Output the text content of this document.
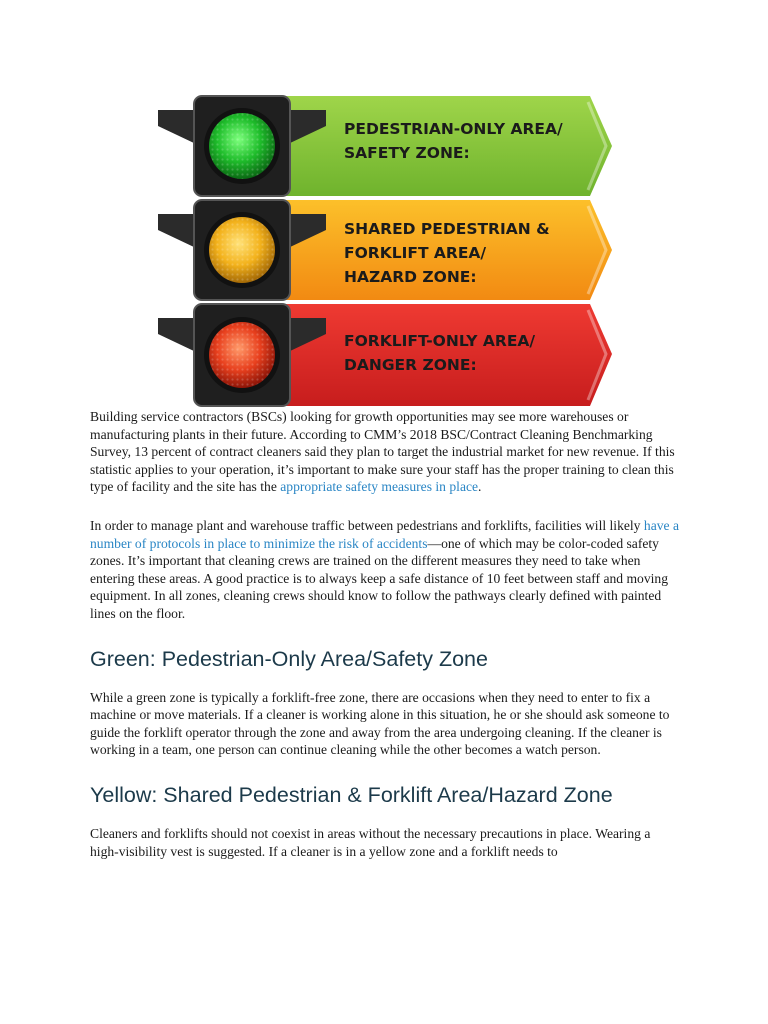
PEDESTRIAN-ONLY AREA/
SAFETY ZONE:
SHARED PEDESTRIAN &
FORKLIFT AREA/
HAZARD ZONE:
FORKLIFT-ONLY AREA/
DANGER ZONE:

Building service contractors (BSCs) looking for growth opportunities may see more warehouses or manufacturing plants in their future. According to CMM’s 2018 BSC/Contract Cleaning Benchmarking Survey, 13 percent of contract cleaners said they plan to target the industrial market for new revenue. If this statistic applies to your operation, it’s important to make sure your staff has the proper training to clean this type of facility and the site has the appropriate safety measures in place.

In order to manage plant and warehouse traffic between pedestrians and forklifts, facilities will likely have a number of protocols in place to minimize the risk of accidents—one of which may be color-coded safety zones. It’s important that cleaning crews are trained on the different measures they need to take when entering these areas. A good practice is to always keep a safe distance of 10 feet between staff and moving equipment. In all zones, cleaning crews should know to follow the pathways clearly defined with painted lines on the floor.

Green: Pedestrian-Only Area/Safety Zone

While a green zone is typically a forklift-free zone, there are occasions when they need to enter to fix a machine or move materials. If a cleaner is working alone in this situation, he or she should ask someone to guide the forklift operator through the zone and away from the area undergoing cleaning. If the cleaner is working in a team, one person can continue cleaning while the other becomes a watch person.

Yellow: Shared Pedestrian & Forklift Area/Hazard Zone

Cleaners and forklifts should not coexist in areas without the necessary precautions in place. Wearing a high-visibility vest is suggested. If a cleaner is in a yellow zone and a forklift needs to
